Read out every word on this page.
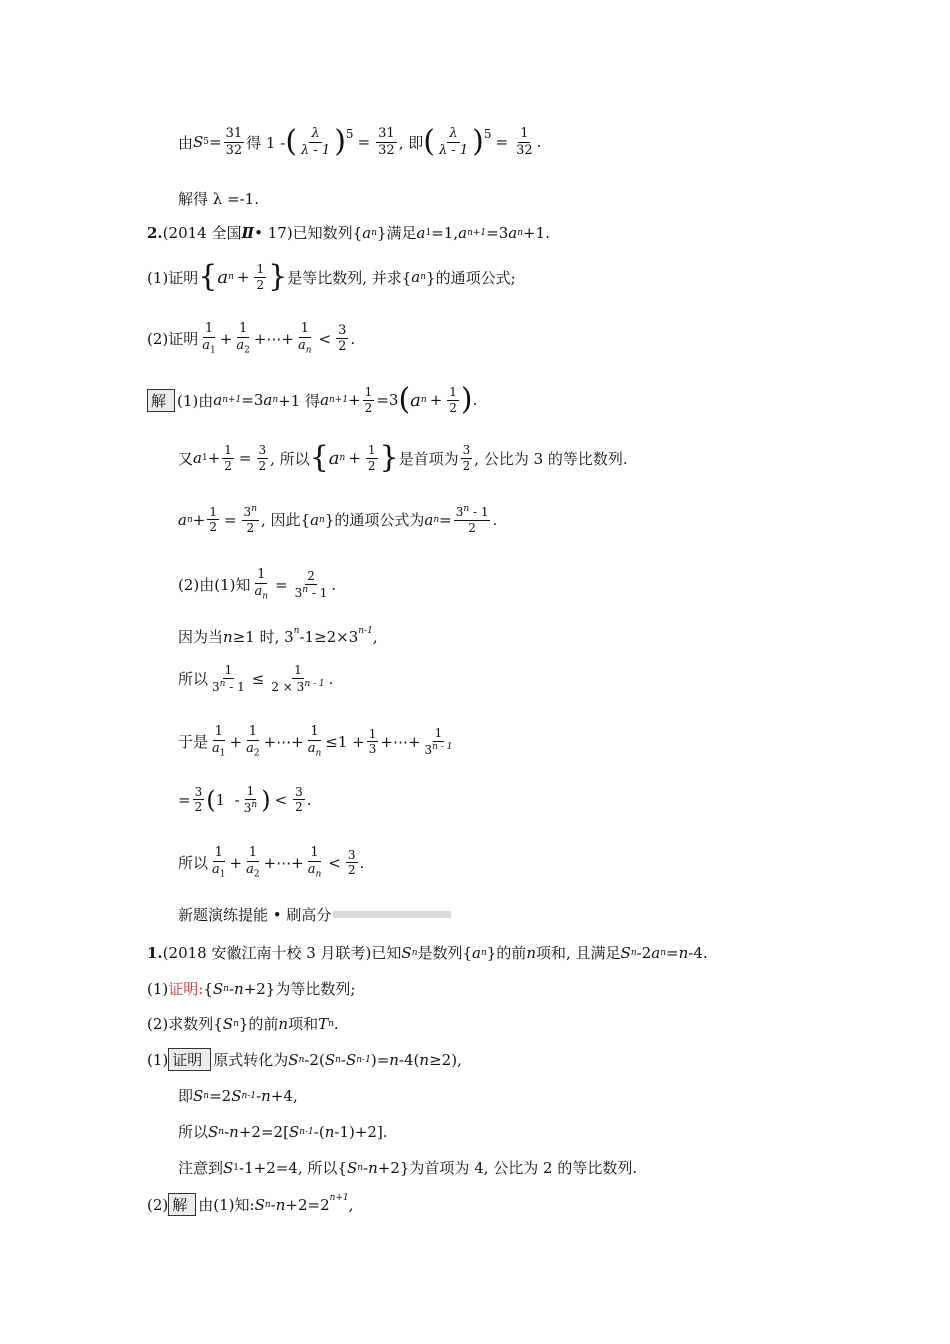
由 S $5 = \frac{31}{32}$ 得 1 - ( $\frac{\lambda}{\lambda - 1} )^5 = \frac{31}{32}$ , 即 ( $\frac{\lambda}{\lambda - 1} )^5 = \frac{1}{32}$ .
解得 λ =-1.
2. (2014 全国 Ⅱ • 17)已知数列{ a n }满足 a 1 =1, a n+1 =3 a n +1.
(1)证明 { a $n + \frac{1}{2}$ } 是等比数列, 并求{ a n }的通项公式;
(2)证明 $\frac{1}{a_1} + \frac{1}{a_2}$ +⋯+ $\frac{1}{a_n} < \frac{3}{2}$ .
解 (1)由 a n+1 =3 a n +1 得 a $n+1 + \frac{1}{2} =3$ ( a $n + \frac{1}{2}$ ) .
又 a $1 + \frac{1}{2} = \frac{3}{2}$ , 所以 { a $n + \frac{1}{2}$ } 是首项为 $\frac{3}{2}$ , 公比为 3 的等比数列.
a $n + \frac{1}{2} = \frac{3^n}{2}$ , 因此{ a n }的通项公式为 a $n = \frac{3^n - 1}{2}$ .
(2)由(1)知 $\frac{1}{a_n} = \frac{2}{3^n - 1}$ .
因为当 n ≥1 时, 3$^n$ $-1\ge 2\times 3^{n-1}$ ,
所以 $\frac{1}{3^n - 1} \le \frac{1}{2 \times 3^{n - 1}}$ .
于是 $\frac{1}{a_1} + \frac{1}{a_2}$ +⋯+ $\frac{1}{a_n} \le 1 + \frac{1}{3}$ +⋯+ $\frac{1}{3^{n - 1}}$
= $\frac{3}{2}$ ( $1 - \frac{1}{3^n}$ ) < $\frac{3}{2}$ .
所以 $\frac{1}{a_1} + \frac{1}{a_2}$ +⋯+ $\frac{1}{a_n} < \frac{3}{2}$ .
新题演练提能 • 刷高分
1. (2018 安徽江南十校 3 月联考)已知 S n 是数列{ a n }的前 n 项和, 且满足 S n -2 a n = n -4.
(1) 证明: { S n - n +2}为等比数列;
(2)求数列{ S n }的前 n 项和 T n .
(1) 证明 原式转化为 S n -2( S n - S n-1 )= n -4( n ≥2),
即 S n =2 S n-1 - n +4,
所以 S n - n +2=2[ S n-1 -( n -1)+2].
注意到 S 1 -1+2=4, 所以{ S n - n +2}为首项为 4, 公比为 2 的等比数列.
(2) 解 由(1)知: S $n - n +2=2^{n+1}$ ,
